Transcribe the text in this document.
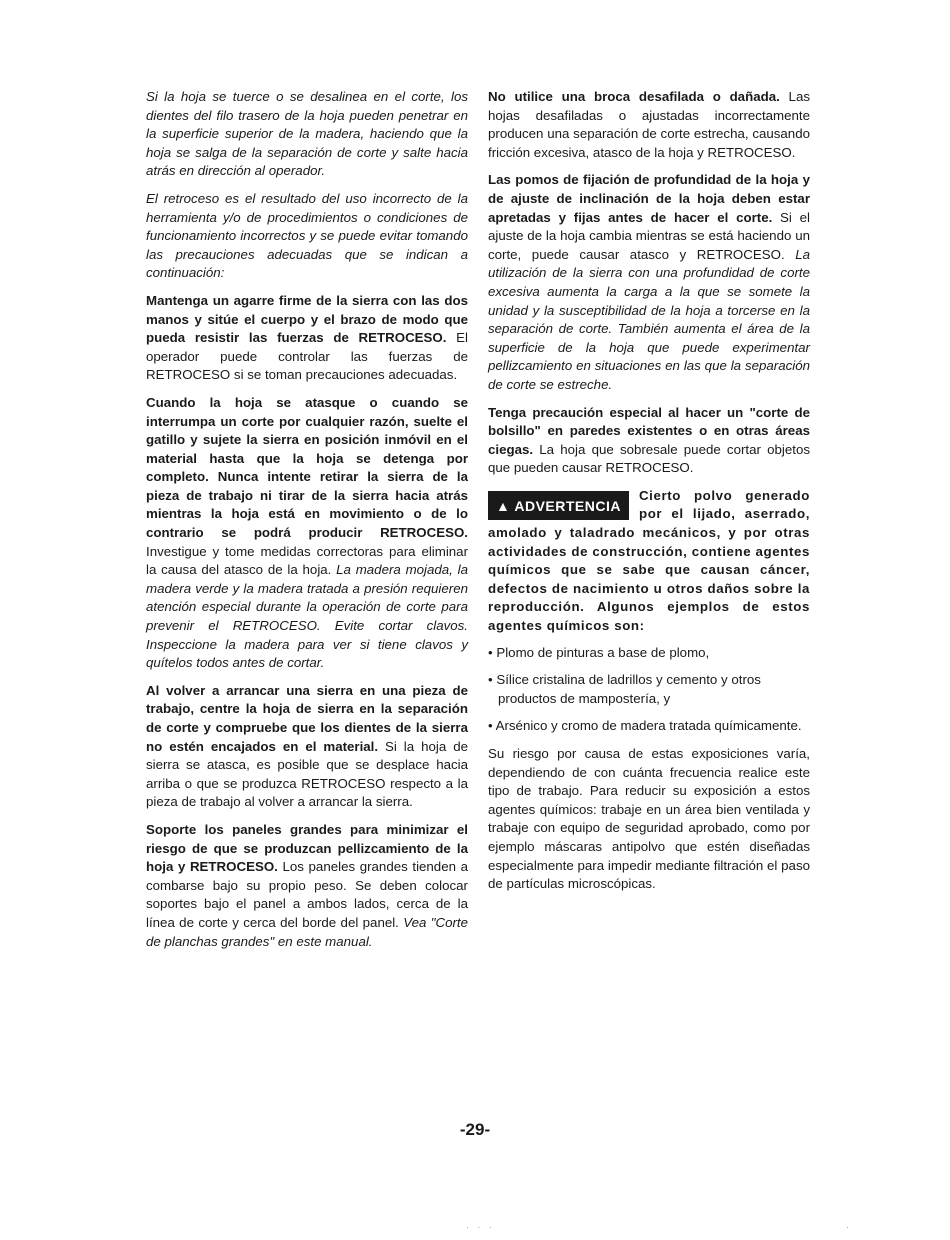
Si la hoja se tuerce o se desalinea en el corte, los dientes del filo trasero de la hoja pueden penetrar en la superficie superior de la madera, haciendo que la hoja se salga de la separación de corte y salte hacia atrás en dirección al operador.

El retroceso es el resultado del uso incorrecto de la herramienta y/o de procedimientos o condiciones de funcionamiento incorrectos y se puede evitar tomando las precauciones adecuadas que se indican a continuación:

Mantenga un agarre firme de la sierra con las dos manos y sitúe el cuerpo y el brazo de modo que pueda resistir las fuerzas de RETROCESO. El operador puede controlar las fuerzas de RETROCESO si se toman precauciones adecuadas.

Cuando la hoja se atasque o cuando se interrumpa un corte por cualquier razón, suelte el gatillo y sujete la sierra en posición inmóvil en el material hasta que la hoja se detenga por completo. Nunca intente retirar la sierra de la pieza de trabajo ni tirar de la sierra hacia atrás mientras la hoja está en movimiento o de lo contrario se podrá producir RETROCESO. Investigue y tome medidas correctoras para eliminar la causa del atasco de la hoja. La madera mojada, la madera verde y la madera tratada a presión requieren atención especial durante la operación de corte para prevenir el RETROCESO. Evite cortar clavos. Inspeccione la madera para ver si tiene clavos y quítelos todos antes de cortar.

Al volver a arrancar una sierra en una pieza de trabajo, centre la hoja de sierra en la separación de corte y compruebe que los dientes de la sierra no estén encajados en el material. Si la hoja de sierra se atasca, es posible que se desplace hacia arriba o que se produzca RETROCESO respecto a la pieza de trabajo al volver a arrancar la sierra.

Soporte los paneles grandes para minimizar el riesgo de que se produzcan pellizcamiento de la hoja y RETROCESO. Los paneles grandes tienden a combarse bajo su propio peso. Se deben colocar soportes bajo el panel a ambos lados, cerca de la línea de corte y cerca del borde del panel. Vea "Corte de planchas grandes" en este manual.

No utilice una broca desafilada o dañada. Las hojas desafiladas o ajustadas incorrectamente producen una separación de corte estrecha, causando fricción excesiva, atasco de la hoja y RETROCESO.

Las pomos de fijación de profundidad de la hoja y de ajuste de inclinación de la hoja deben estar apretadas y fijas antes de hacer el corte. Si el ajuste de la hoja cambia mientras se está haciendo un corte, puede causar atasco y RETROCESO. La utilización de la sierra con una profundidad de corte excesiva aumenta la carga a la que se somete la unidad y la susceptibilidad de la hoja a torcerse en la separación de corte. También aumenta el área de la superficie de la hoja que puede experimentar pellizcamiento en situaciones en las que la separación de corte se estreche.

Tenga precaución especial al hacer un "corte de bolsillo" en paredes existentes o en otras áreas ciegas. La hoja que sobresale puede cortar objetos que pueden causar RETROCESO.

▲ ADVERTENCIA
Cierto polvo generado por el lijado, aserrado, amolado y taladrado mecánicos, y por otras actividades de construcción, contiene agentes químicos que se sabe que causan cáncer, defectos de nacimiento u otros daños sobre la reproducción. Algunos ejemplos de estos agentes químicos son:
• Plomo de pinturas a base de plomo,
• Sílice cristalina de ladrillos y cemento y otros productos de mampostería, y
• Arsénico y cromo de madera tratada químicamente.

Su riesgo por causa de estas exposiciones varía, dependiendo de con cuánta frecuencia realice este tipo de trabajo. Para reducir su exposición a estos agentes químicos: trabaje en un área bien ventilada y trabaje con equipo de seguridad aprobado, como por ejemplo máscaras antipolvo que estén diseñadas especialmente para impedir mediante filtración el paso de partículas microscópicas.

-29-
· · ·	·
